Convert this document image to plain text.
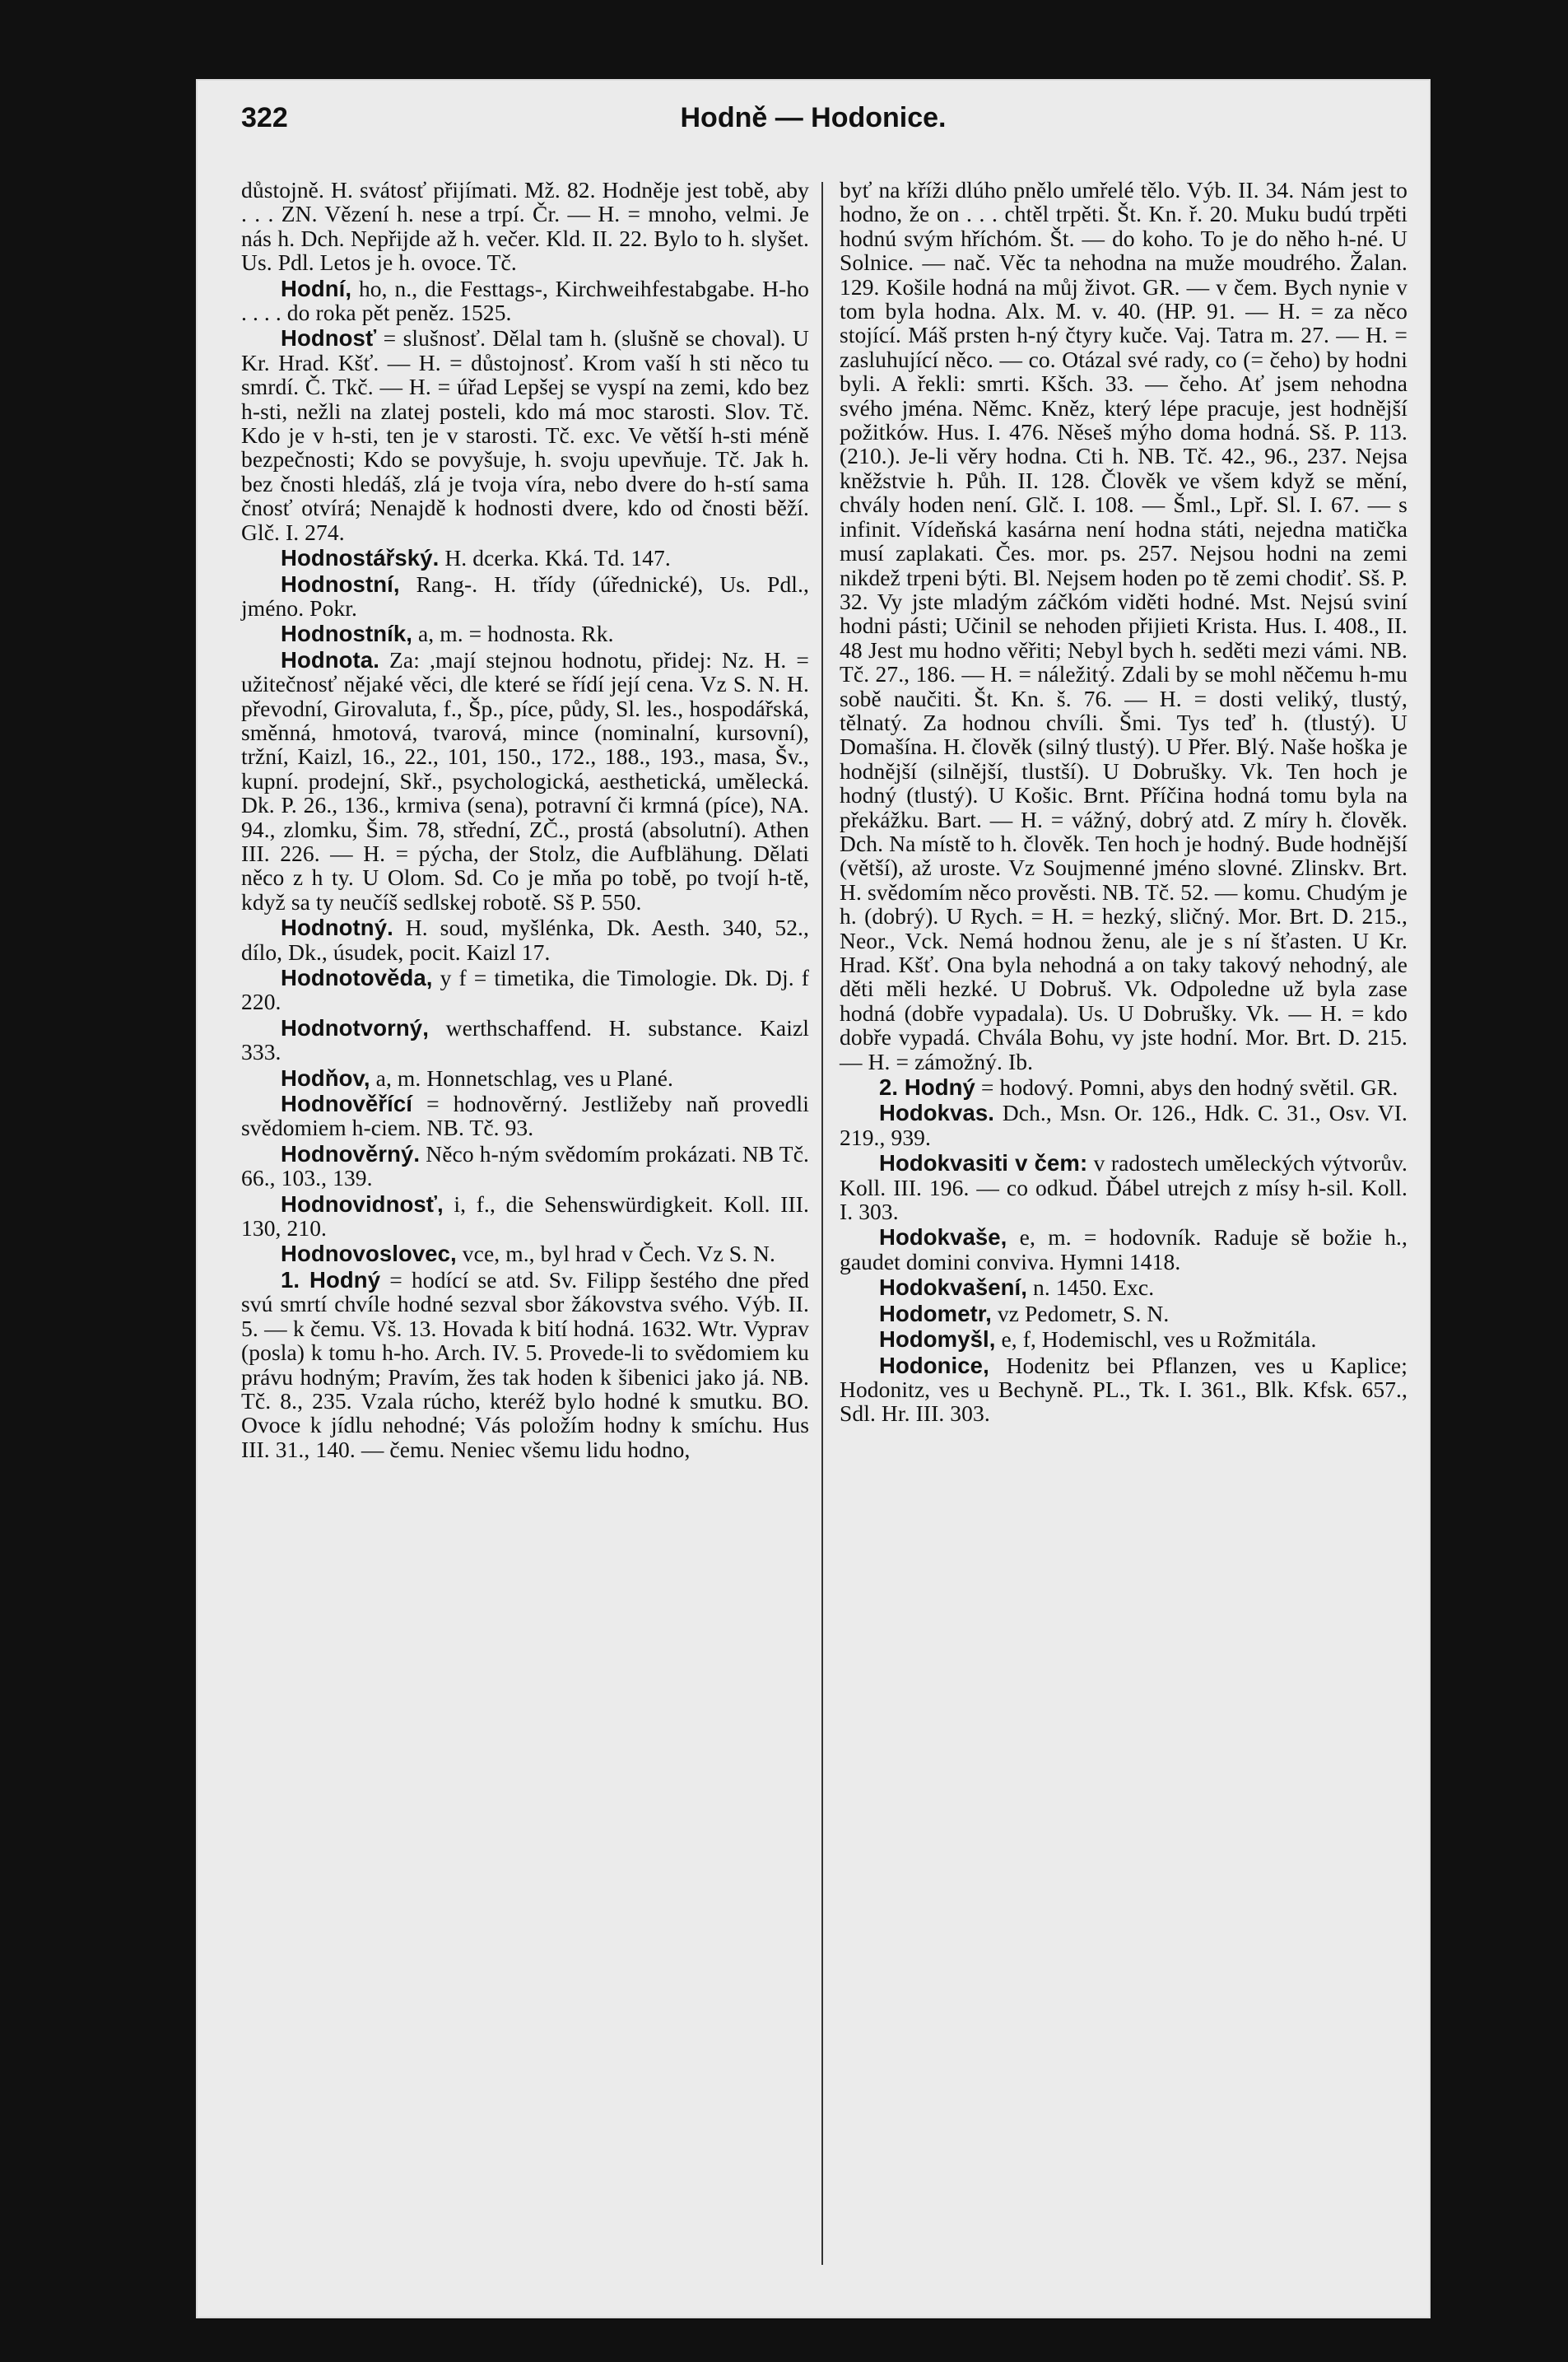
322	Hodně — Hodonice.

důstojně. H. svátosť přijímati. Mž. 82. Hodněje jest tobě, aby . . . ZN. Vězení h. nese a trpí. Čr. — H. = mnoho, velmi. Je nás h. Dch. Nepřijde až h. večer. Kld. II. 22. Bylo to h. slyšet. Us. Pdl. Letos je h. ovoce. Tč.

Hodní, ho, n., die Festtags-, Kirchweihfestabgabe. H-ho . . . . do roka pět peněz. 1525.

Hodnosť = slušnosť. Dělal tam h. (slušně se choval). U Kr. Hrad. Kšť. — H. = důstojnosť. Krom vaší h sti něco tu smrdí. Č. Tkč. — H. = úřad Lepšej se vyspí na zemi, kdo bez h-sti, nežli na zlatej posteli, kdo má moc starosti. Slov. Tč. Kdo je v h-sti, ten je v starosti. Tč. exc. Ve větší h-sti méně bezpečnosti; Kdo se povyšuje, h. svoju upevňuje. Tč. Jak h. bez čnosti hledáš, zlá je tvoja víra, nebo dvere do h-stí sama čnosť otvírá; Nenajdě k hodnosti dvere, kdo od čnosti běží. Glč. I. 274.

Hodnostářský. H. dcerka. Kká. Td. 147.

Hodnostní, Rang-. H. třídy (úřednické), Us. Pdl., jméno. Pokr.

Hodnostník, a, m. = hodnosta. Rk.

Hodnota. Za: ,mají stejnou hodnotu, přidej: Nz. H. = užitečnosť nějaké věci, dle které se řídí její cena. Vz S. N. H. převodní, Girovaluta, f., Šp., píce, půdy, Sl. les., hospodářská, směnná, hmotová, tvarová, mince (nominalní, kursovní), tržní, Kaizl, 16., 22., 101, 150., 172., 188., 193., masa, Šv., kupní. prodejní, Skř., psychologická, aesthetická, umělecká. Dk. P. 26., 136., krmiva (sena), potravní či krmná (píce), NA. 94., zlomku, Šim. 78, střední, ZČ., prostá (absolutní). Athen III. 226. — H. = pýcha, der Stolz, die Aufblähung. Dělati něco z h ty. U Olom. Sd. Co je mňa po tobě, po tvojí h-tě, když sa ty neučíš sedlskej robotě. Sš P. 550.

Hodnotný. H. soud, myšlénka, Dk. Aesth. 340, 52., dílo, Dk., úsudek, pocit. Kaizl 17.

Hodnotověda, y f = timetika, die Timologie. Dk. Dj. f 220.

Hodnotvorný, werthschaffend. H. substance. Kaizl 333.

Hodňov, a, m. Honnetschlag, ves u Plané.

Hodnověřící = hodnověrný. Jestližeby naň provedli svědomiem h-ciem. NB. Tč. 93.

Hodnověrný. Něco h-ným svědomím prokázati. NB Tč. 66., 103., 139.

Hodnovidnosť, i, f., die Sehenswürdigkeit. Koll. III. 130, 210.

Hodnovoslovec, vce, m., byl hrad v Čech. Vz S. N.

1. Hodný = hodící se atd. Sv. Filipp šestého dne před svú smrtí chvíle hodné sezval sbor žákovstva svého. Výb. II. 5. — k čemu. Vš. 13. Hovada k bití hodná. 1632. Wtr. Vyprav (posla) k tomu h-ho. Arch. IV. 5. Provede-li to svědomiem ku právu hodným; Pravím, žes tak hoden k šibenici jako já. NB. Tč. 8., 235. Vzala rúcho, kteréž bylo hodné k smutku. BO. Ovoce k jídlu nehodné; Vás položím hodny k smíchu. Hus III. 31., 140. — čemu. Neniec všemu lidu hodno,

byť na kříži dlúho pnělo umřelé tělo. Výb. II. 34. Nám jest to hodno, že on . . . chtěl trpěti. Št. Kn. ř. 20. Muku budú trpěti hodnú svým hříchóm. Št. — do koho. To je do něho h-né. U Solnice. — nač. Věc ta nehodna na muže moudrého. Žalan. 129. Košile hodná na můj život. GR. — v čem. Bych nynie v tom byla hodna. Alx. M. v. 40. (HP. 91. — H. = za něco stojící. Máš prsten h-ný čtyry kuče. Vaj. Tatra m. 27. — H. = zasluhující něco. — co. Otázal své rady, co (= čeho) by hodni byli. A řekli: smrti. Kšch. 33. — čeho. Ať jsem nehodna svého jména. Němc. Kněz, který lépe pracuje, jest hodnější požitków. Hus. I. 476. Něseš mýho doma hodná. Sš. P. 113. (210.). Je-li věry hodna. Cti h. NB. Tč. 42., 96., 237. Nejsa kněžstvie h. Půh. II. 128. Člověk ve všem když se mění, chvály hoden není. Glč. I. 108. — Šml., Lpř. Sl. I. 67. — s infinit. Vídeňská kasárna není hodna státi, nejedna matička musí zaplakati. Čes. mor. ps. 257. Nejsou hodni na zemi nikdež trpeni býti. Bl. Nejsem hoden po tě zemi chodiť. Sš. P. 32. Vy jste mladým záčkóm viděti hodné. Mst. Nejsú sviní hodni pásti; Učinil se nehoden přijieti Krista. Hus. I. 408., II. 48 Jest mu hodno věřiti; Nebyl bych h. seděti mezi vámi. NB. Tč. 27., 186. — H. = náležitý. Zdali by se mohl něčemu h-mu sobě naučiti. Št. Kn. š. 76. — H. = dosti veliký, tlustý, tělnatý. Za hodnou chvíli. Šmi. Tys teď h. (tlustý). U Domašína. H. člověk (silný tlustý). U Přer. Blý. Naše hoška je hodnější (silnější, tlustší). U Dobrušky. Vk. Ten hoch je hodný (tlustý). U Košic. Brnt. Příčina hodná tomu byla na překážku. Bart. — H. = vážný, dobrý atd. Z míry h. člověk. Dch. Na místě to h. člověk. Ten hoch je hodný. Bude hodnější (větší), až uroste. Vz Soujmenné jméno slovné. Zlinskv. Brt. H. svědomím něco prověsti. NB. Tč. 52. — komu. Chudým je h. (dobrý). U Rych. = H. = hezký, sličný. Mor. Brt. D. 215., Neor., Vck. Nemá hodnou ženu, ale je s ní šťasten. U Kr. Hrad. Kšť. Ona byla nehodná a on taky takový nehodný, ale děti měli hezké. U Dobruš. Vk. Odpoledne už byla zase hodná (dobře vypadala). Us. U Dobrušky. Vk. — H. = kdo dobře vypadá. Chvála Bohu, vy jste hodní. Mor. Brt. D. 215. — H. = zámožný. Ib.

2. Hodný = hodový. Pomni, abys den hodný světil. GR.

Hodokvas. Dch., Msn. Or. 126., Hdk. C. 31., Osv. VI. 219., 939.

Hodokvasiti v čem: v radostech uměleckých výtvorův. Koll. III. 196. — co odkud. Ďábel utrejch z mísy h-sil. Koll. I. 303.

Hodokvaše, e, m. = hodovník. Raduje sě božie h., gaudet domini conviva. Hymni 1418.

Hodokvašení, n. 1450. Exc.

Hodometr, vz Pedometr, S. N.

Hodomyšl, e, f, Hodemischl, ves u Rožmitála.

Hodonice, Hodenitz bei Pflanzen, ves u Kaplice; Hodonitz, ves u Bechyně. PL., Tk. I. 361., Blk. Kfsk. 657., Sdl. Hr. III. 303.
